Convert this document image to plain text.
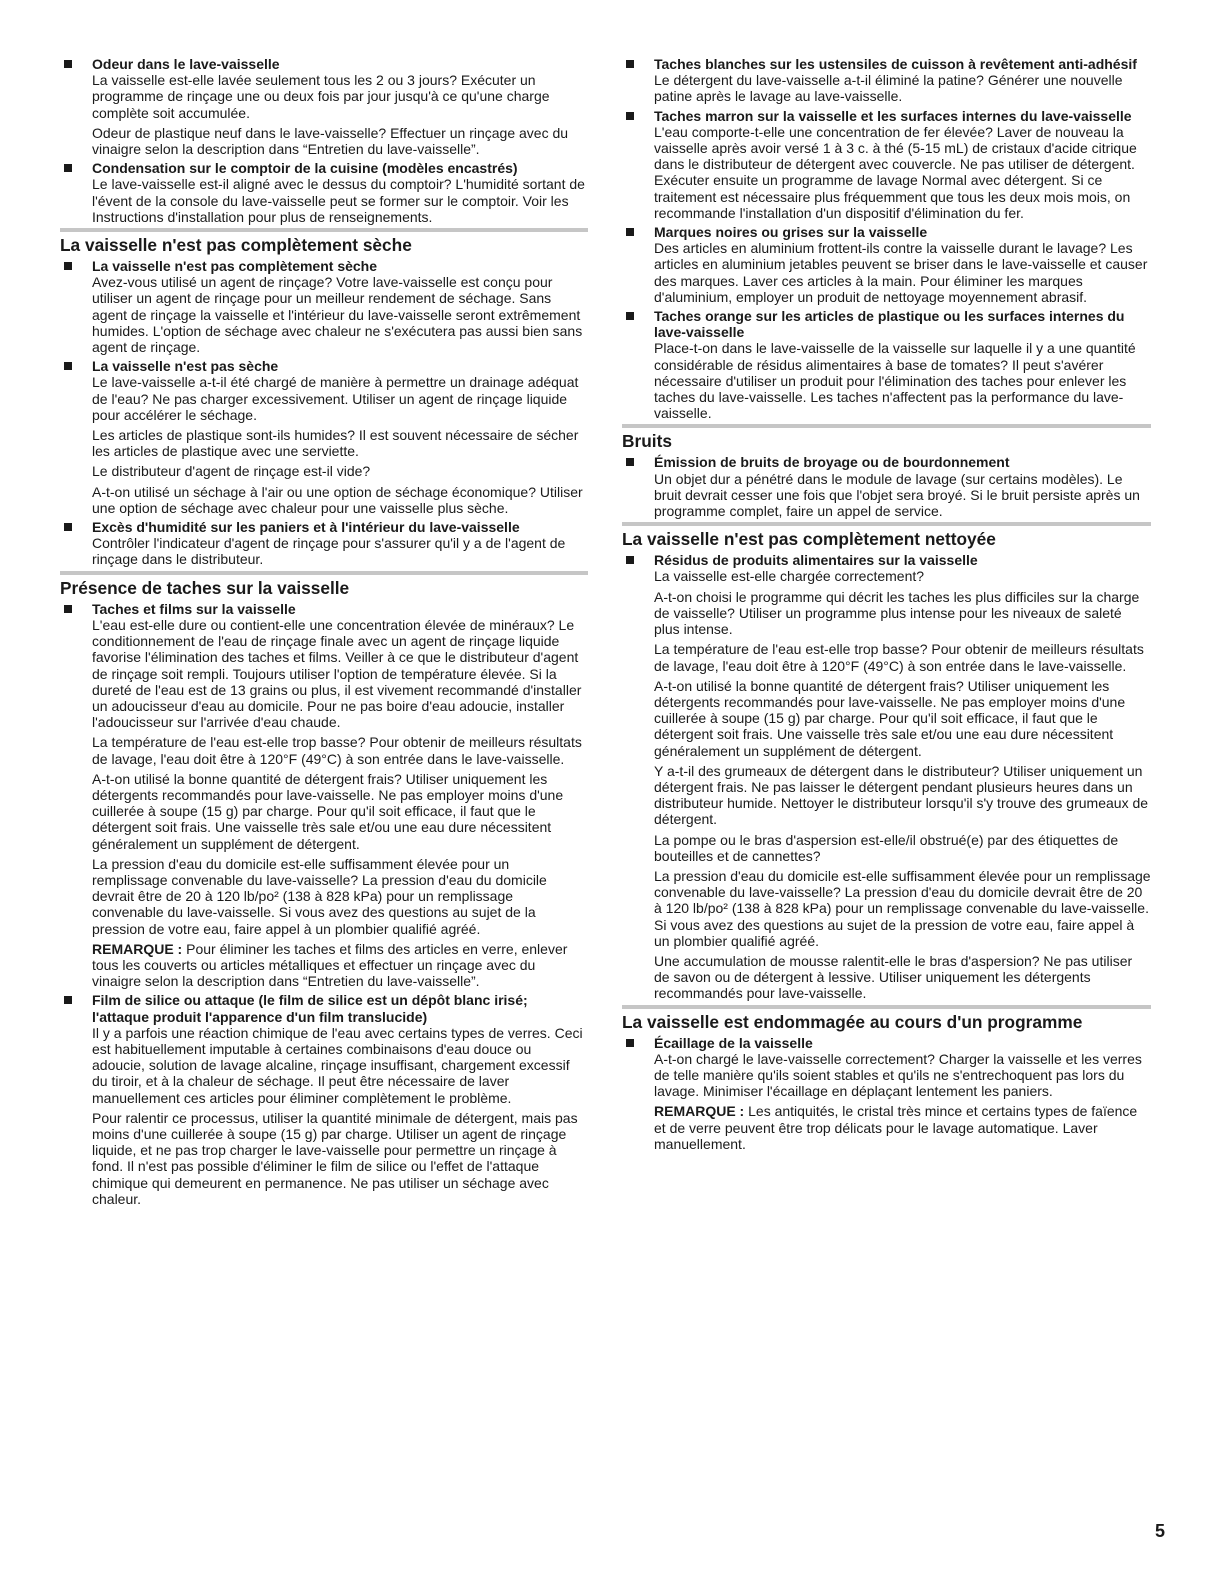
Odeur dans le lave-vaisselle

La vaisselle est-elle lavée seulement tous les 2 ou 3 jours? Exécuter un programme de rinçage une ou deux fois par jour jusqu'à ce qu'une charge complète soit accumulée.

Odeur de plastique neuf dans le lave-vaisselle? Effectuer un rinçage avec du vinaigre selon la description dans “Entretien du lave-vaisselle”.

Condensation sur le comptoir de la cuisine (modèles encastrés)

Le lave-vaisselle est-il aligné avec le dessus du comptoir? L'humidité sortant de l'évent de la console du lave-vaisselle peut se former sur le comptoir. Voir les Instructions d'installation pour plus de renseignements.

La vaisselle n'est pas complètement sèche
La vaisselle n'est pas complètement sèche

Avez-vous utilisé un agent de rinçage? Votre lave-vaisselle est conçu pour utiliser un agent de rinçage pour un meilleur rendement de séchage. Sans agent de rinçage la vaisselle et l'intérieur du lave-vaisselle seront extrêmement humides. L'option de séchage avec chaleur ne s'exécutera pas aussi bien sans agent de rinçage.

La vaisselle n'est pas sèche

Le lave-vaisselle a-t-il été chargé de manière à permettre un drainage adéquat de l'eau? Ne pas charger excessivement. Utiliser un agent de rinçage liquide pour accélérer le séchage.

Les articles de plastique sont-ils humides? Il est souvent nécessaire de sécher les articles de plastique avec une serviette.

Le distributeur d'agent de rinçage est-il vide?

A-t-on utilisé un séchage à l'air ou une option de séchage économique? Utiliser une option de séchage avec chaleur pour une vaisselle plus sèche.

Excès d'humidité sur les paniers et à l'intérieur du lave-vaisselle

Contrôler l'indicateur d'agent de rinçage pour s'assurer qu'il y a de l'agent de rinçage dans le distributeur.

Présence de taches sur la vaisselle
Taches et films sur la vaisselle

L'eau est-elle dure ou contient-elle une concentration élevée de minéraux? Le conditionnement de l'eau de rinçage finale avec un agent de rinçage liquide favorise l'élimination des taches et films. Veiller à ce que le distributeur d'agent de rinçage soit rempli. Toujours utiliser l'option de température élevée. Si la dureté de l'eau est de 13 grains ou plus, il est vivement recommandé d'installer un adoucisseur d'eau au domicile. Pour ne pas boire d'eau adoucie, installer l'adoucisseur sur l'arrivée d'eau chaude.

La température de l'eau est-elle trop basse? Pour obtenir de meilleurs résultats de lavage, l'eau doit être à 120°F (49°C) à son entrée dans le lave-vaisselle.

A-t-on utilisé la bonne quantité de détergent frais? Utiliser uniquement les détergents recommandés pour lave-vaisselle. Ne pas employer moins d'une cuillerée à soupe (15 g) par charge. Pour qu'il soit efficace, il faut que le détergent soit frais. Une vaisselle très sale et/ou une eau dure nécessitent généralement un supplément de détergent.

La pression d'eau du domicile est-elle suffisamment élevée pour un remplissage convenable du lave-vaisselle? La pression d'eau du domicile devrait être de 20 à 120 lb/po² (138 à 828 kPa) pour un remplissage convenable du lave-vaisselle. Si vous avez des questions au sujet de la pression de votre eau, faire appel à un plombier qualifié agréé.

REMARQUE : Pour éliminer les taches et films des articles en verre, enlever tous les couverts ou articles métalliques et effectuer un rinçage avec du vinaigre selon la description dans “Entretien du lave-vaisselle”.

Film de silice ou attaque (le film de silice est un dépôt blanc irisé; l'attaque produit l'apparence d'un film translucide)

Il y a parfois une réaction chimique de l'eau avec certains types de verres. Ceci est habituellement imputable à certaines combinaisons d'eau douce ou adoucie, solution de lavage alcaline, rinçage insuffisant, chargement excessif du tiroir, et à la chaleur de séchage. Il peut être nécessaire de laver manuellement ces articles pour éliminer complètement le problème.

Pour ralentir ce processus, utiliser la quantité minimale de détergent, mais pas moins d'une cuillerée à soupe (15 g) par charge. Utiliser un agent de rinçage liquide, et ne pas trop charger le lave-vaisselle pour permettre un rinçage à fond. Il n'est pas possible d'éliminer le film de silice ou l'effet de l'attaque chimique qui demeurent en permanence. Ne pas utiliser un séchage avec chaleur.

Taches blanches sur les ustensiles de cuisson à revêtement anti-adhésif

Le détergent du lave-vaisselle a-t-il éliminé la patine? Générer une nouvelle patine après le lavage au lave-vaisselle.

Taches marron sur la vaisselle et les surfaces internes du lave-vaisselle

L'eau comporte-t-elle une concentration de fer élevée? Laver de nouveau la vaisselle après avoir versé 1 à 3 c. à thé (5-15 mL) de cristaux d'acide citrique dans le distributeur de détergent avec couvercle. Ne pas utiliser de détergent. Exécuter ensuite un programme de lavage Normal avec détergent. Si ce traitement est nécessaire plus fréquemment que tous les deux mois mois, on recommande l'installation d'un dispositif d'élimination du fer.

Marques noires ou grises sur la vaisselle

Des articles en aluminium frottent-ils contre la vaisselle durant le lavage? Les articles en aluminium jetables peuvent se briser dans le lave-vaisselle et causer des marques. Laver ces articles à la main. Pour éliminer les marques d'aluminium, employer un produit de nettoyage moyennement abrasif.

Taches orange sur les articles de plastique ou les surfaces internes du lave-vaisselle

Place-t-on dans le lave-vaisselle de la vaisselle sur laquelle il y a une quantité considérable de résidus alimentaires à base de tomates? Il peut s'avérer nécessaire d'utiliser un produit pour l'élimination des taches pour enlever les taches du lave-vaisselle. Les taches n'affectent pas la performance du lave-vaisselle.

Bruits
Émission de bruits de broyage ou de bourdonnement

Un objet dur a pénétré dans le module de lavage (sur certains modèles). Le bruit devrait cesser une fois que l'objet sera broyé. Si le bruit persiste après un programme complet, faire un appel de service.

La vaisselle n'est pas complètement nettoyée
Résidus de produits alimentaires sur la vaisselle

La vaisselle est-elle chargée correctement?

A-t-on choisi le programme qui décrit les taches les plus difficiles sur la charge de vaisselle? Utiliser un programme plus intense pour les niveaux de saleté plus intense.

La température de l'eau est-elle trop basse? Pour obtenir de meilleurs résultats de lavage, l'eau doit être à 120°F (49°C) à son entrée dans le lave-vaisselle.

A-t-on utilisé la bonne quantité de détergent frais? Utiliser uniquement les détergents recommandés pour lave-vaisselle. Ne pas employer moins d'une cuillerée à soupe (15 g) par charge. Pour qu'il soit efficace, il faut que le détergent soit frais. Une vaisselle très sale et/ou une eau dure nécessitent généralement un supplément de détergent.

Y a-t-il des grumeaux de détergent dans le distributeur? Utiliser uniquement un détergent frais. Ne pas laisser le détergent pendant plusieurs heures dans un distributeur humide. Nettoyer le distributeur lorsqu'il s'y trouve des grumeaux de détergent.

La pompe ou le bras d'aspersion est-elle/il obstrué(e) par des étiquettes de bouteilles et de cannettes?

La pression d'eau du domicile est-elle suffisamment élevée pour un remplissage convenable du lave-vaisselle? La pression d'eau du domicile devrait être de 20 à 120 lb/po² (138 à 828 kPa) pour un remplissage convenable du lave-vaisselle. Si vous avez des questions au sujet de la pression de votre eau, faire appel à un plombier qualifié agréé.

Une accumulation de mousse ralentit-elle le bras d'aspersion? Ne pas utiliser de savon ou de détergent à lessive. Utiliser uniquement les détergents recommandés pour lave-vaisselle.

La vaisselle est endommagée au cours d'un programme
Écaillage de la vaisselle

A-t-on chargé le lave-vaisselle correctement? Charger la vaisselle et les verres de telle manière qu'ils soient stables et qu'ils ne s'entrechoquent pas lors du lavage. Minimiser l'écaillage en déplaçant lentement les paniers.

REMARQUE : Les antiquités, le cristal très mince et certains types de faïence et de verre peuvent être trop délicats pour le lavage automatique. Laver manuellement.

5
